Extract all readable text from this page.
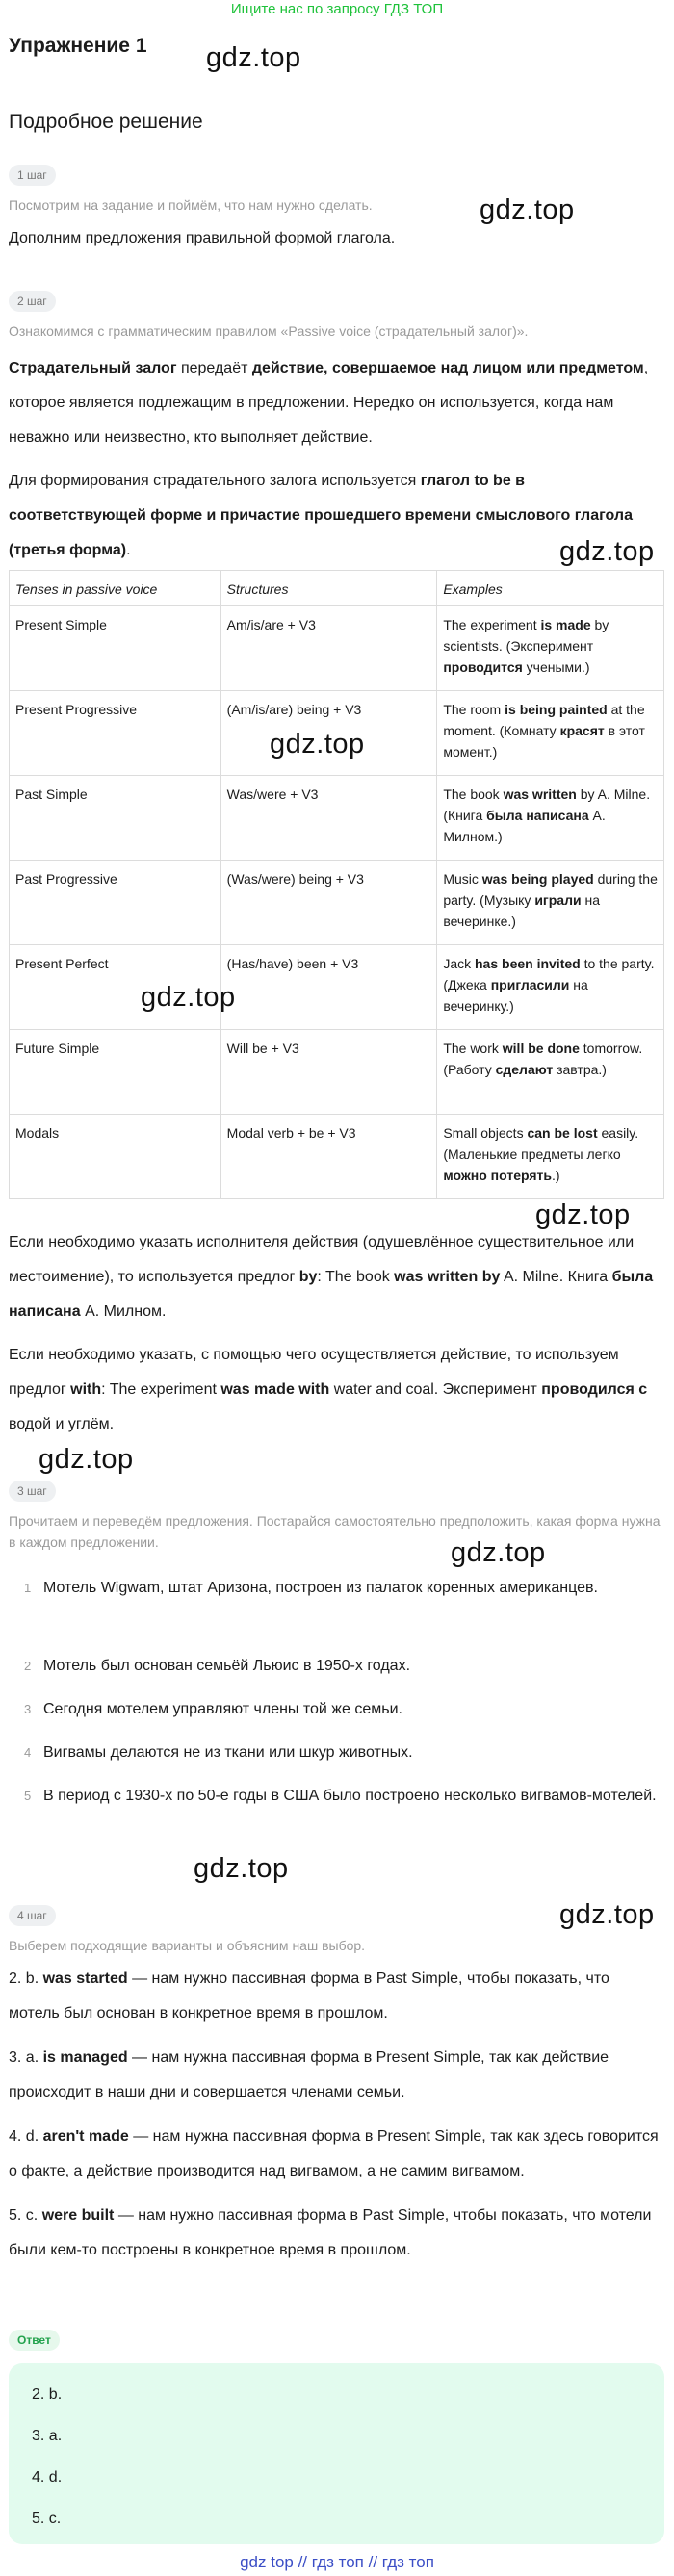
Ищите нас по запросу ГДЗ ТОП
Упражнение 1
Подробное решение
gdz.top
gdz.top
gdz.top
gdz.top
gdz.top
gdz.top
gdz.top
gdz.top
gdz.top
gdz.top
1 шаг
Посмотрим на задание и поймём, что нам нужно сделать.
Дополним предложения правильной формой глагола.
2 шаг
Ознакомимся с грамматическим правилом «Passive voice (страдательный залог)».
Страдательный залог передаёт действие, совершаемое над лицом или предметом, которое является подлежащим в предложении. Нередко он используется, когда нам неважно или неизвестно, кто выполняет действие.
Для формирования страдательного залога используется глагол to be в соответствующей форме и причастие прошедшего времени смыслового глагола (третья форма).
Tenses in passive voice	Structures	Examples
Present Simple	Am/is/are + V3	The experiment is made by scientists. (Эксперимент проводится учеными.)
Present Progressive	(Am/is/are) being + V3	The room is being painted at the moment. (Комнату красят в этот момент.)
Past Simple	Was/were + V3	The book was written by A. Milne. (Книга была написана А. Милном.)
Past Progressive	(Was/were) being + V3	Music was being played during the party. (Музыку играли на вечеринке.)
Present Perfect	(Has/have) been + V3	Jack has been invited to the party. (Джека пригласили на вечеринку.)
Future Simple	Will be + V3	The work will be done tomorrow. (Работу сделают завтра.)
Modals	Modal verb + be + V3	Small objects can be lost easily. (Маленькие предметы легко можно потерять.)
Если необходимо указать исполнителя действия (одушевлённое существительное или местоимение), то используется предлог by: The book was written by A. Milne. Книга была написана А. Милном.
Если необходимо указать, с помощью чего осуществляется действие, то используем предлог with: The experiment was made with water and coal. Эксперимент проводился с водой и углём.
3 шаг
Прочитаем и переведём предложения. Постарайся самостоятельно предположить, какая форма нужна в каждом предложении.
1 Мотель Wigwam, штат Аризона, построен из палаток коренных американцев.
2 Мотель был основан семьёй Льюис в 1950-х годах.
3 Сегодня мотелем управляют члены той же семьи.
4 Вигвамы делаются не из ткани или шкур животных.
5 В период с 1930-х по 50-е годы в США было построено несколько вигвамов-мотелей.
4 шаг
Выберем подходящие варианты и объясним наш выбор.
2. b. was started — нам нужно пассивная форма в Past Simple, чтобы показать, что мотель был основан в конкретное время в прошлом.
3. a. is managed — нам нужна пассивная форма в Present Simple, так как действие происходит в наши дни и совершается членами семьи.
4. d. aren't made — нам нужна пассивная форма в Present Simple, так как здесь говорится о факте, а действие производится над вигвамом, а не самим вигвамом.
5. c. were built — нам нужно пассивная форма в Past Simple, чтобы показать, что мотели были кем-то построены в конкретное время в прошлом.
Ответ
2. b.
3. a.
4. d.
5. c.
gdz top // гдз топ // гдз топ
